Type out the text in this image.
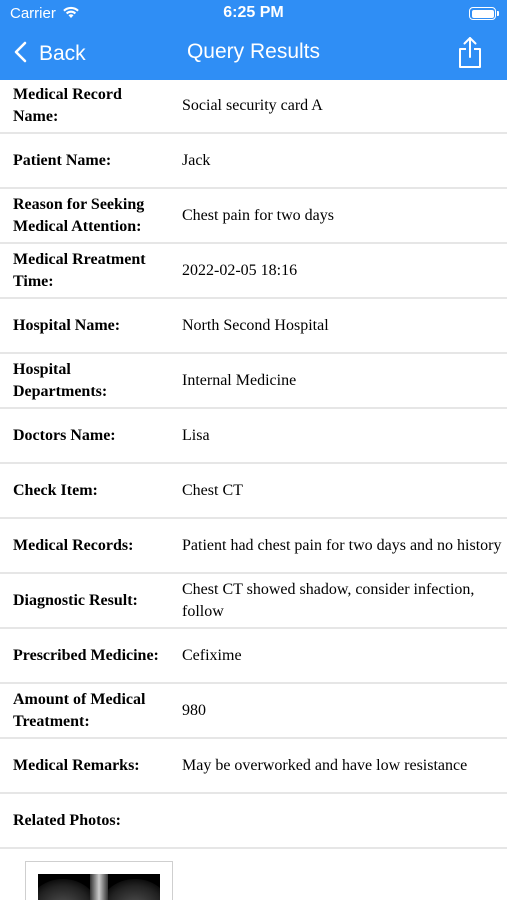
Carrier	6:25 PM
Back	Query Results
Medical Record Name:
Social security card A
Patient Name:	Jack
Reason for Seeking Medical Attention:
Chest pain for two days
Medical Rreatment Time:
2022-02-05 18:16
Hospital Name:	North Second Hospital
Hospital Departments:
Internal Medicine
Doctors Name:	Lisa
Check Item:	Chest CT
Medical Records:	Patient had chest pain for two days and no history
Diagnostic Result:
Chest CT showed shadow, consider infection, follow
Prescribed Medicine:	Cefixime
Amount of Medical Treatment:
980
Medical Remarks:	May be overworked and have low resistance
Related Photos:
